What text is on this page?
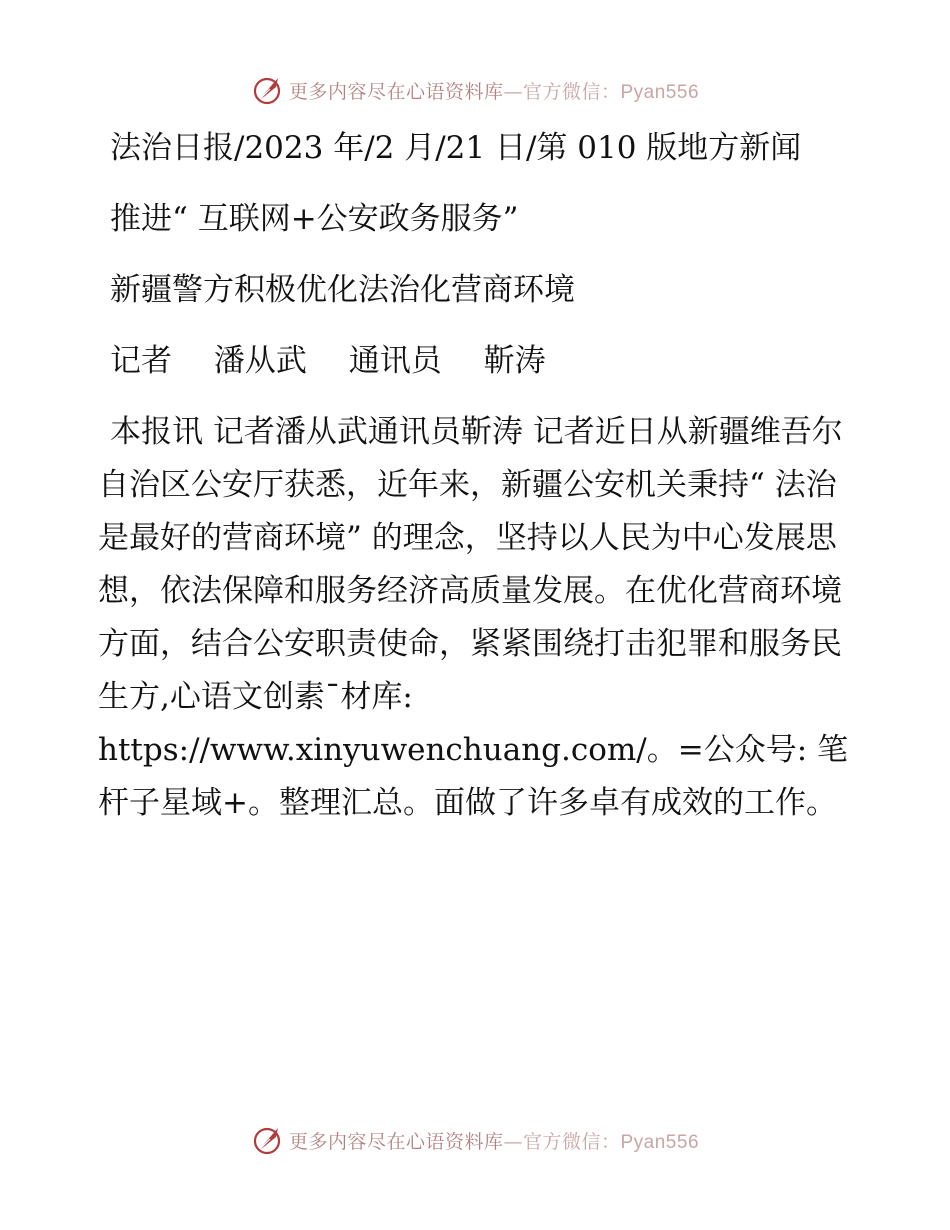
更多内容尽在心语资料库—官方微信：Pyan556

法治日报/2023 年/2 月/21 日/第 010 版地方新闻

推进“ 互联网+公安政务服务”

新疆警方积极优化法治化营商环境

记者 潘从武 通讯员 靳涛

本报讯 记者潘从武通讯员靳涛 记者近日从新疆维吾尔自治区公安厅获悉，近年来，新疆公安机关秉持“ 法治是最好的营商环境” 的理念，坚持以人民为中心发展思想，依法保障和服务经济高质量发展。在优化营商环境方面，结合公安职责使命，紧紧围绕打击犯罪和服务民生方,心语文创素¯材库: https://www.xinyuwenchuang.com/。=公众号: 笔杆子星域+。整理汇总。面做了许多卓有成效的工作。

更多内容尽在心语资料库—官方微信：Pyan556
